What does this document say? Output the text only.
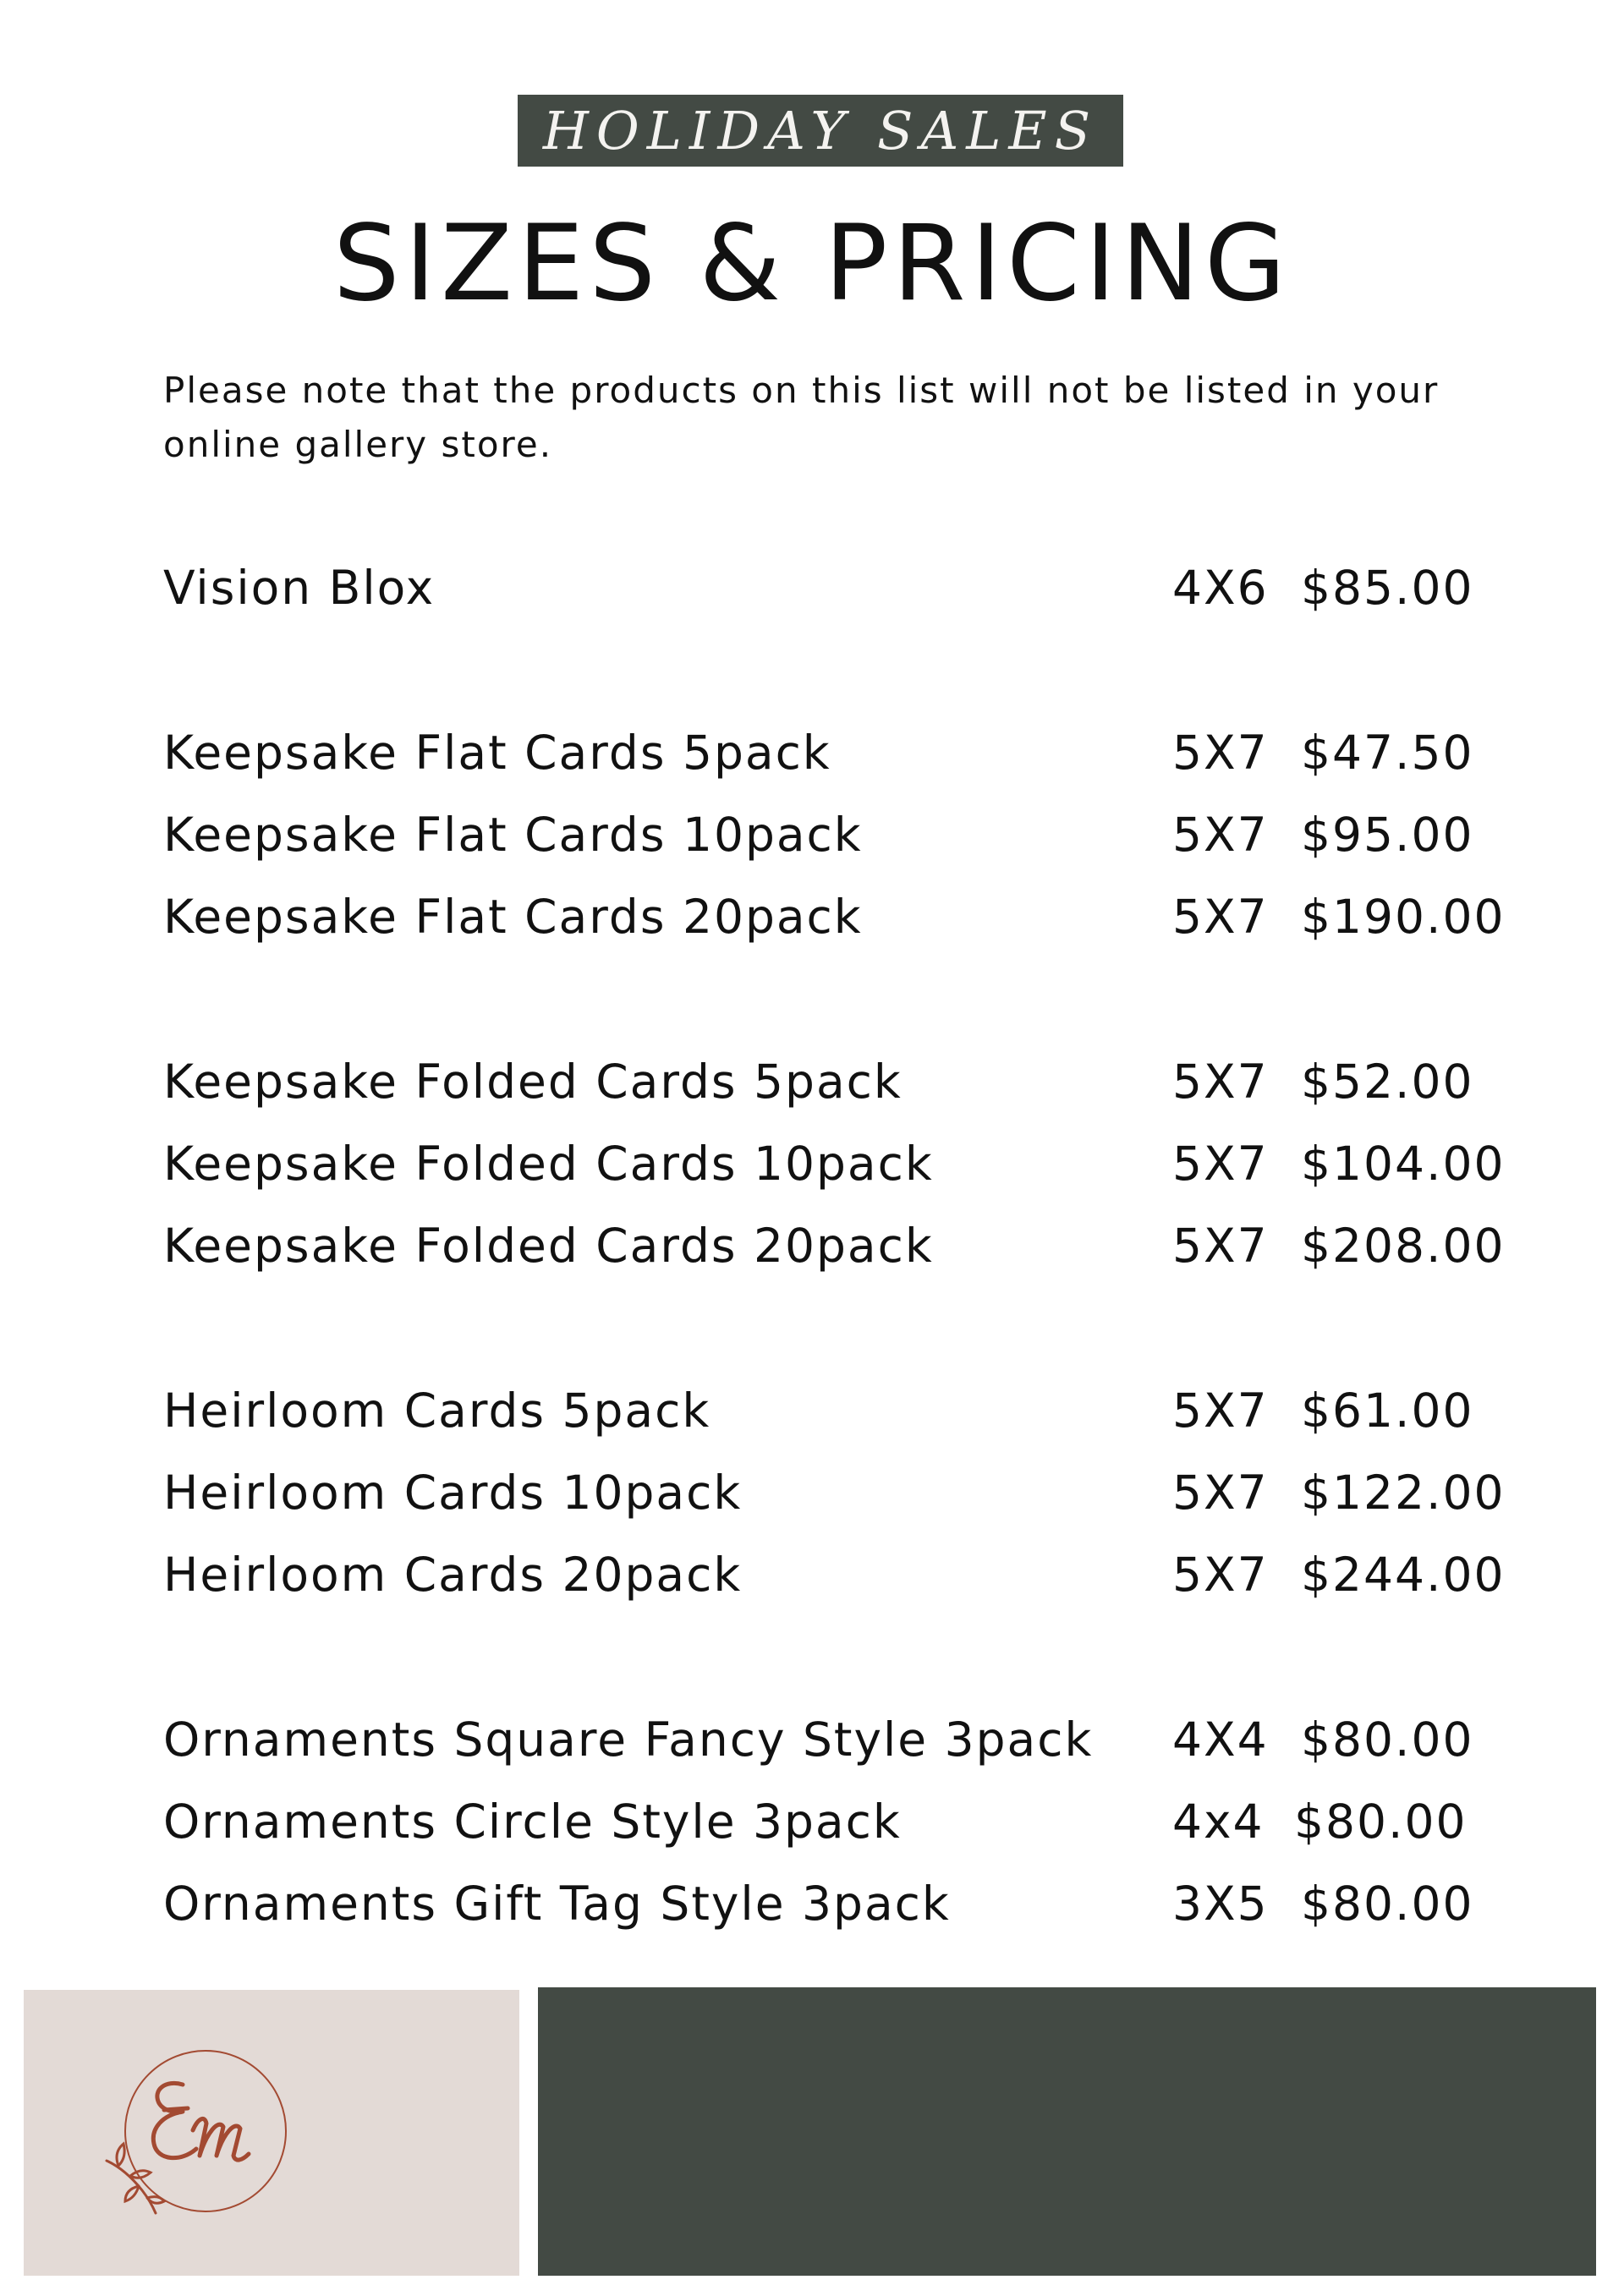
HOLIDAY SALES
SIZES & PRICING

Please note that the products on this list will not be listed in your online gallery store.

Vision Blox	4X6 $85.00
Keepsake Flat Cards 5pack	5X7 $47.50
Keepsake Flat Cards 10pack	5X7 $95.00
Keepsake Flat Cards 20pack	5X7 $190.00
Keepsake Folded Cards 5pack	5X7 $52.00
Keepsake Folded Cards 10pack	5X7 $104.00
Keepsake Folded Cards 20pack	5X7 $208.00
Heirloom Cards 5pack	5X7 $61.00
Heirloom Cards 10pack	5X7 $122.00
Heirloom Cards 20pack	5X7 $244.00
Ornaments Square Fancy Style 3pack 4X4 $80.00
Ornaments Circle Style 3pack	4x4 $80.00
Ornaments Gift Tag Style 3pack	3X5 $80.00
